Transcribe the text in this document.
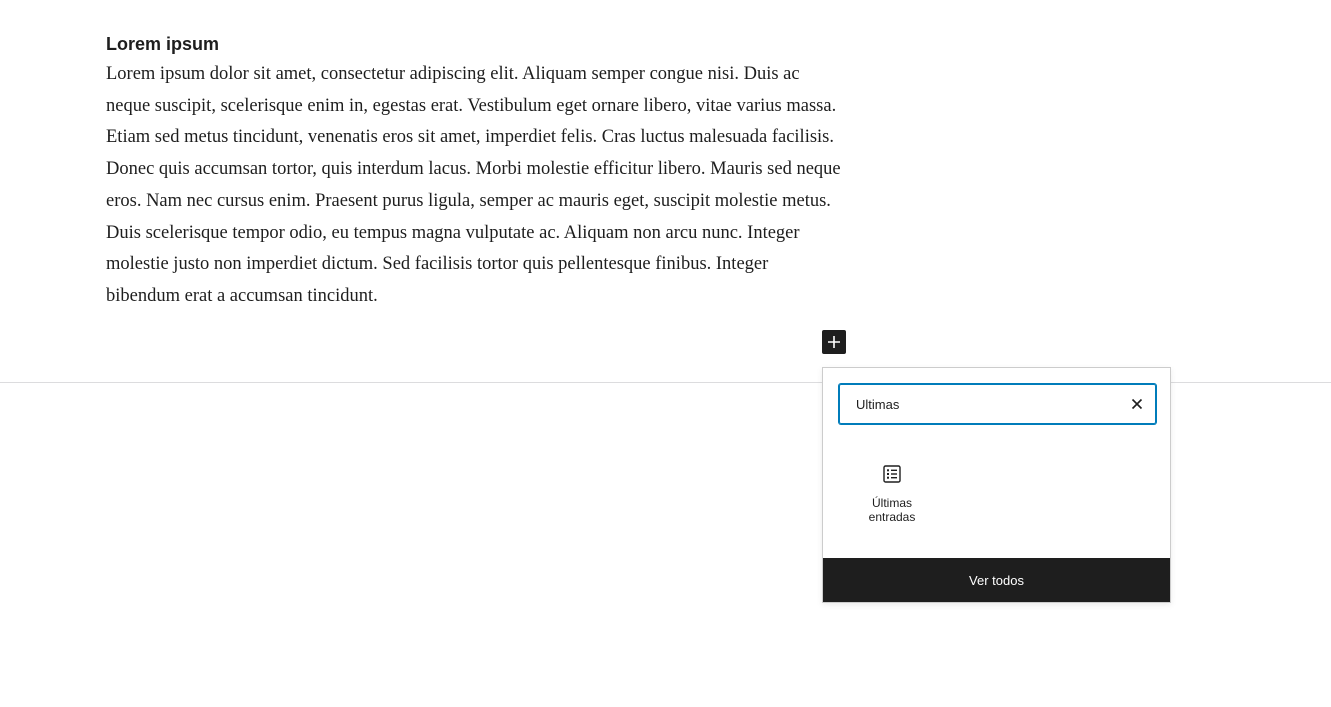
Lorem ipsum

Lorem ipsum dolor sit amet, consectetur adipiscing elit. Aliquam semper congue nisi. Duis ac neque suscipit, scelerisque enim in, egestas erat. Vestibulum eget ornare libero, vitae varius massa. Etiam sed metus tincidunt, venenatis eros sit amet, imperdiet felis. Cras luctus malesuada facilisis. Donec quis accumsan tortor, quis interdum lacus. Morbi molestie efficitur libero. Mauris sed neque eros. Nam nec cursus enim. Praesent purus ligula, semper ac mauris eget, suscipit molestie metus. Duis scelerisque tempor odio, eu tempus magna vulputate ac. Aliquam non arcu nunc. Integer molestie justo non imperdiet dictum. Sed facilisis tortor quis pellentesque finibus. Integer bibendum erat a accumsan tincidunt.

Ultimas
Últimas entradas
Ver todos
